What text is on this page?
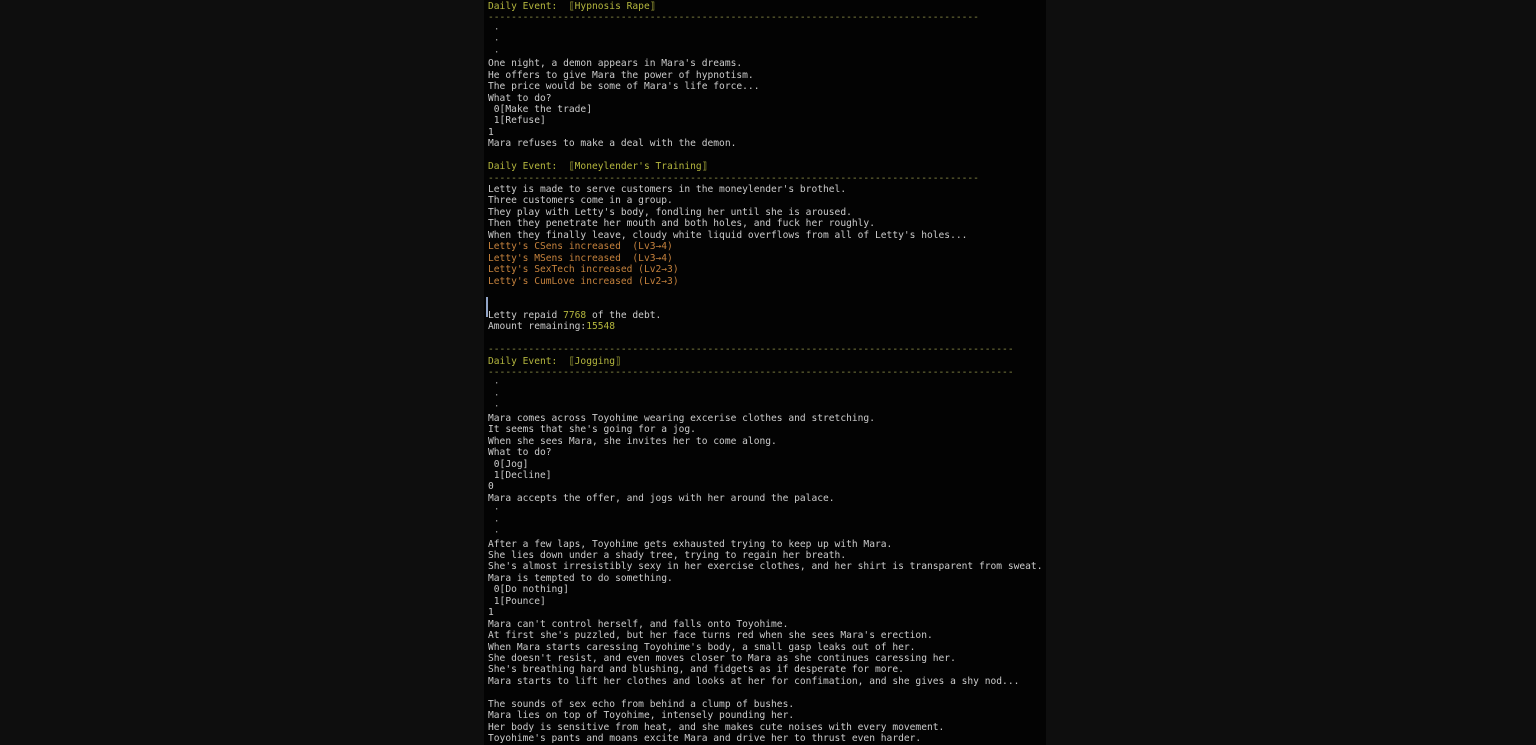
Daily Event:  ⟦Hypnosis Rape⟧
-------------------------------------------------------------------------------------
·
·
·
One night, a demon appears in Mara's dreams.
He offers to give Mara the power of hypnotism.
The price would be some of Mara's life force...
What to do?
0[Make the trade]
1[Refuse]
1
Mara refuses to make a deal with the demon.

Daily Event:  ⟦Moneylender's Training⟧
-------------------------------------------------------------------------------------
Letty is made to serve customers in the moneylender's brothel.
Three customers come in a group.
They play with Letty's body, fondling her until she is aroused.
Then they penetrate her mouth and both holes, and fuck her roughly.
When they finally leave, cloudy white liquid overflows from all of Letty's holes...
Letty's CSens increased  (Lv3→4)
Letty's MSens increased  (Lv3→4)
Letty's SexTech increased (Lv2→3)
Letty's CumLove increased (Lv2→3)

Letty repaid 7768 of the debt.
Amount remaining:15548

-------------------------------------------------------------------------------------------
Daily Event:  ⟦Jogging⟧
-------------------------------------------------------------------------------------------
·
·
·
Mara comes across Toyohime wearing excerise clothes and stretching.
It seems that she's going for a jog.
When she sees Mara, she invites her to come along.
What to do?
0[Jog]
1[Decline]
0
Mara accepts the offer, and jogs with her around the palace.
·
·
·
After a few laps, Toyohime gets exhausted trying to keep up with Mara.
She lies down under a shady tree, trying to regain her breath.
She's almost irresistibly sexy in her exercise clothes, and her shirt is transparent from sweat.
Mara is tempted to do something.
0[Do nothing]
1[Pounce]
1
Mara can't control herself, and falls onto Toyohime.
At first she's puzzled, but her face turns red when she sees Mara's erection.
When Mara starts caressing Toyohime's body, a small gasp leaks out of her.
She doesn't resist, and even moves closer to Mara as she continues caressing her.
She's breathing hard and blushing, and fidgets as if desperate for more.
Mara starts to lift her clothes and looks at her for confimation, and she gives a shy nod...

The sounds of sex echo from behind a clump of bushes.
Mara lies on top of Toyohime, intensely pounding her.
Her body is sensitive from heat, and she makes cute noises with every movement.
Toyohime's pants and moans excite Mara and drive her to thrust even harder.
